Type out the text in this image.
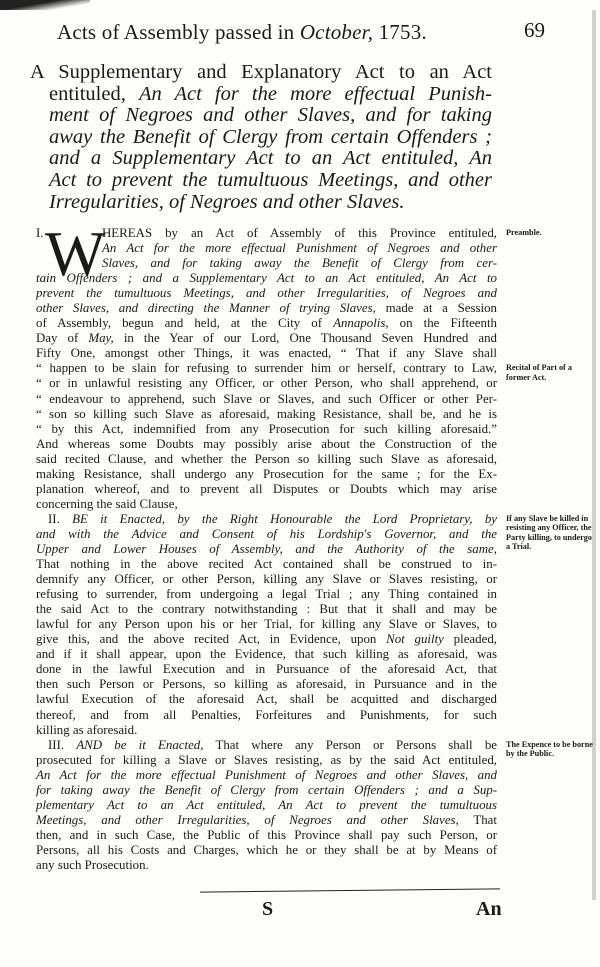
Acts of Assembly passed in October, 1753.	69
A Supplementary and Explanatory Act to an Act
entituled, An Act for the more effectual Punish-
ment of Negroes and other Slaves, and for taking
away the Benefit of Clergy from certain Offenders ;
and a Supplementary Act to an Act entituled, An
Act to prevent the tumultuous Meetings, and other
Irregularities, of Negroes and other Slaves.
I. W
HEREAS by an Act of Assembly of this Province entituled,
An Act for the more effectual Punishment of Negroes and other
Slaves, and for taking away the Benefit of Clergy from cer-
tain Offenders ; and a Supplementary Act to an Act entituled, An Act to
prevent the tumultuous Meetings, and other Irregularities, of Negroes and
other Slaves, and directing the Manner of trying Slaves, made at a Session
of Assembly, begun and held, at the City of Annapolis, on the Fifteenth
Day of May, in the Year of our Lord, One Thousand Seven Hundred and
Fifty One, amongst other Things, it was enacted, “ That if any Slave shall
“ happen to be slain for refusing to surrender him or herself, contrary to Law,
“ or in unlawful resisting any Officer, or other Person, who shall apprehend, or
“ endeavour to apprehend, such Slave or Slaves, and such Officer or other Per-
“ son so killing such Slave as aforesaid, making Resistance, shall be, and he is
“ by this Act, indemnified from any Prosecution for such killing aforesaid.”
And whereas some Doubts may possibly arise about the Construction of the
said recited Clause, and whether the Person so killing such Slave as aforesaid,
making Resistance, shall undergo any Prosecution for the same ; for the Ex-
planation whereof, and to prevent all Disputes or Doubts which may arise
concerning the said Clause,
II. BE it Enacted, by the Right Honourable the Lord Proprietary, by
and with the Advice and Consent of his Lordship's Governor, and the
Upper and Lower Houses of Assembly, and the Authority of the same,
That nothing in the above recited Act contained shall be construed to in-
demnify any Officer, or other Person, killing any Slave or Slaves resisting, or
refusing to surrender, from undergoing a legal Trial ; any Thing contained in
the said Act to the contrary notwithstanding : But that it shall and may be
lawful for any Person upon his or her Trial, for killing any Slave or Slaves, to
give this, and the above recited Act, in Evidence, upon Not guilty pleaded,
and if it shall appear, upon the Evidence, that such killing as aforesaid, was
done in the lawful Execution and in Pursuance of the aforesaid Act, that
then such Person or Persons, so killing as aforesaid, in Pursuance and in the
lawful Execution of the aforesaid Act, shall be acquitted and discharged
thereof, and from all Penalties, Forfeitures and Punishments, for such
killing as aforesaid.
III. AND be it Enacted, That where any Person or Persons shall be
prosecuted for killing a Slave or Slaves resisting, as by the said Act entituled,
An Act for the more effectual Punishment of Negroes and other Slaves, and
for taking away the Benefit of Clergy from certain Offenders ; and a Sup-
plementary Act to an Act entituled, An Act to prevent the tumultuous
Meetings, and other Irregularities, of Negroes and other Slaves, That
then, and in such Case, the Public of this Province shall pay such Person, or
Persons, all his Costs and Charges, which he or they shall be at by Means of
any such Prosecution.
Preamble.
Recital of Part of a former Act.
If any Slave be killed in resisting any Officer, the Party killing, to undergo a Trial.
The Expence to be borne by the Public.
S	An
